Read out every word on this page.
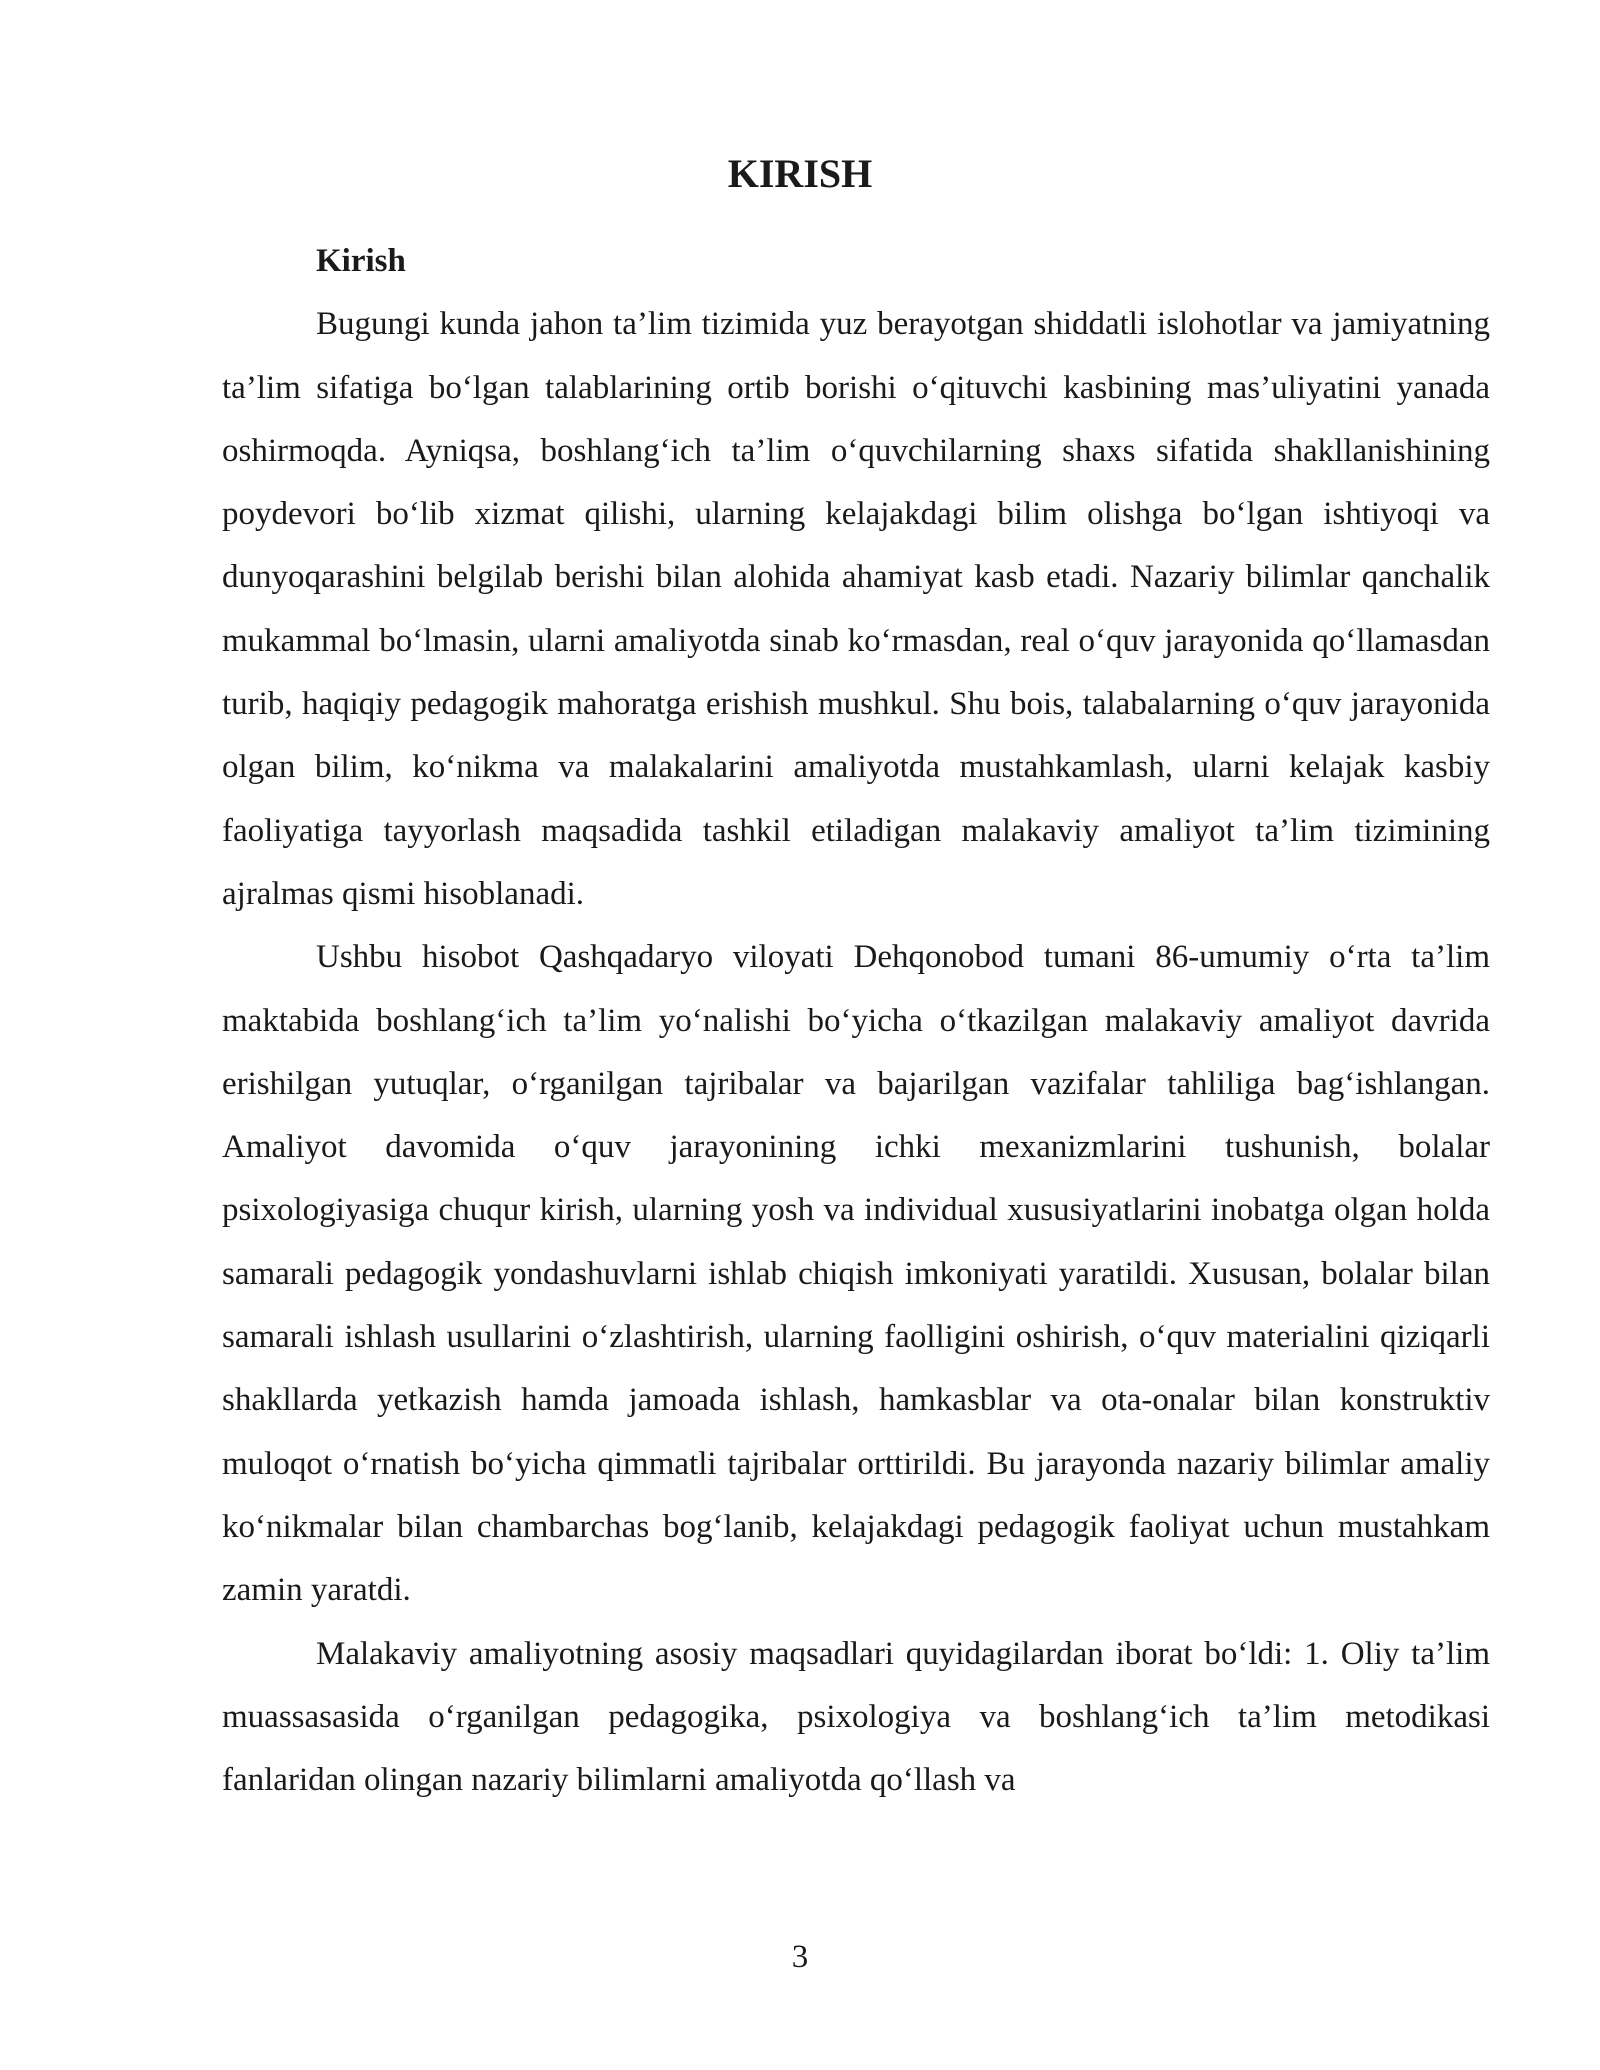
KIRISH

Kirish

Bugungi kunda jahon ta’lim tizimida yuz berayotgan shiddatli islohotlar va jamiyatning ta’lim sifatiga bo‘lgan talablarining ortib borishi o‘qituvchi kasbining mas’uliyatini yanada oshirmoqda. Ayniqsa, boshlang‘ich ta’lim o‘quvchilarning shaxs sifatida shakllanishining poydevori bo‘lib xizmat qilishi, ularning kelajakdagi bilim olishga bo‘lgan ishtiyoqi va dunyoqarashini belgilab berishi bilan alohida ahamiyat kasb etadi. Nazariy bilimlar qanchalik mukammal bo‘lmasin, ularni amaliyotda sinab ko‘rmasdan, real o‘quv jarayonida qo‘llamasdan turib, haqiqiy pedagogik mahoratga erishish mushkul. Shu bois, talabalarning o‘quv jarayonida olgan bilim, ko‘nikma va malakalarini amaliyotda mustahkamlash, ularni kelajak kasbiy faoliyatiga tayyorlash maqsadida tashkil etiladigan malakaviy amaliyot ta’lim tizimining ajralmas qismi hisoblanadi.

Ushbu hisobot Qashqadaryo viloyati Dehqonobod tumani 86-umumiy o‘rta ta’lim maktabida boshlang‘ich ta’lim yo‘nalishi bo‘yicha o‘tkazilgan malakaviy amaliyot davrida erishilgan yutuqlar, o‘rganilgan tajribalar va bajarilgan vazifalar tahliliga bag‘ishlangan. Amaliyot davomida o‘quv jarayonining ichki mexanizmlarini tushunish, bolalar psixologiyasiga chuqur kirish, ularning yosh va individual xususiyatlarini inobatga olgan holda samarali pedagogik yondashuvlarni ishlab chiqish imkoniyati yaratildi. Xususan, bolalar bilan samarali ishlash usullarini o‘zlashtirish, ularning faolligini oshirish, o‘quv materialini qiziqarli shakllarda yetkazish hamda jamoada ishlash, hamkasblar va ota-onalar bilan konstruktiv muloqot o‘rnatish bo‘yicha qimmatli tajribalar orttirildi. Bu jarayonda nazariy bilimlar amaliy ko‘nikmalar bilan chambarchas bog‘lanib, kelajakdagi pedagogik faoliyat uchun mustahkam zamin yaratdi.

Malakaviy amaliyotning asosiy maqsadlari quyidagilardan iborat bo‘ldi: 1. Oliy ta’lim muassasasida o‘rganilgan pedagogika, psixologiya va boshlang‘ich ta’lim metodikasi fanlaridan olingan nazariy bilimlarni amaliyotda qo‘llash va

3
